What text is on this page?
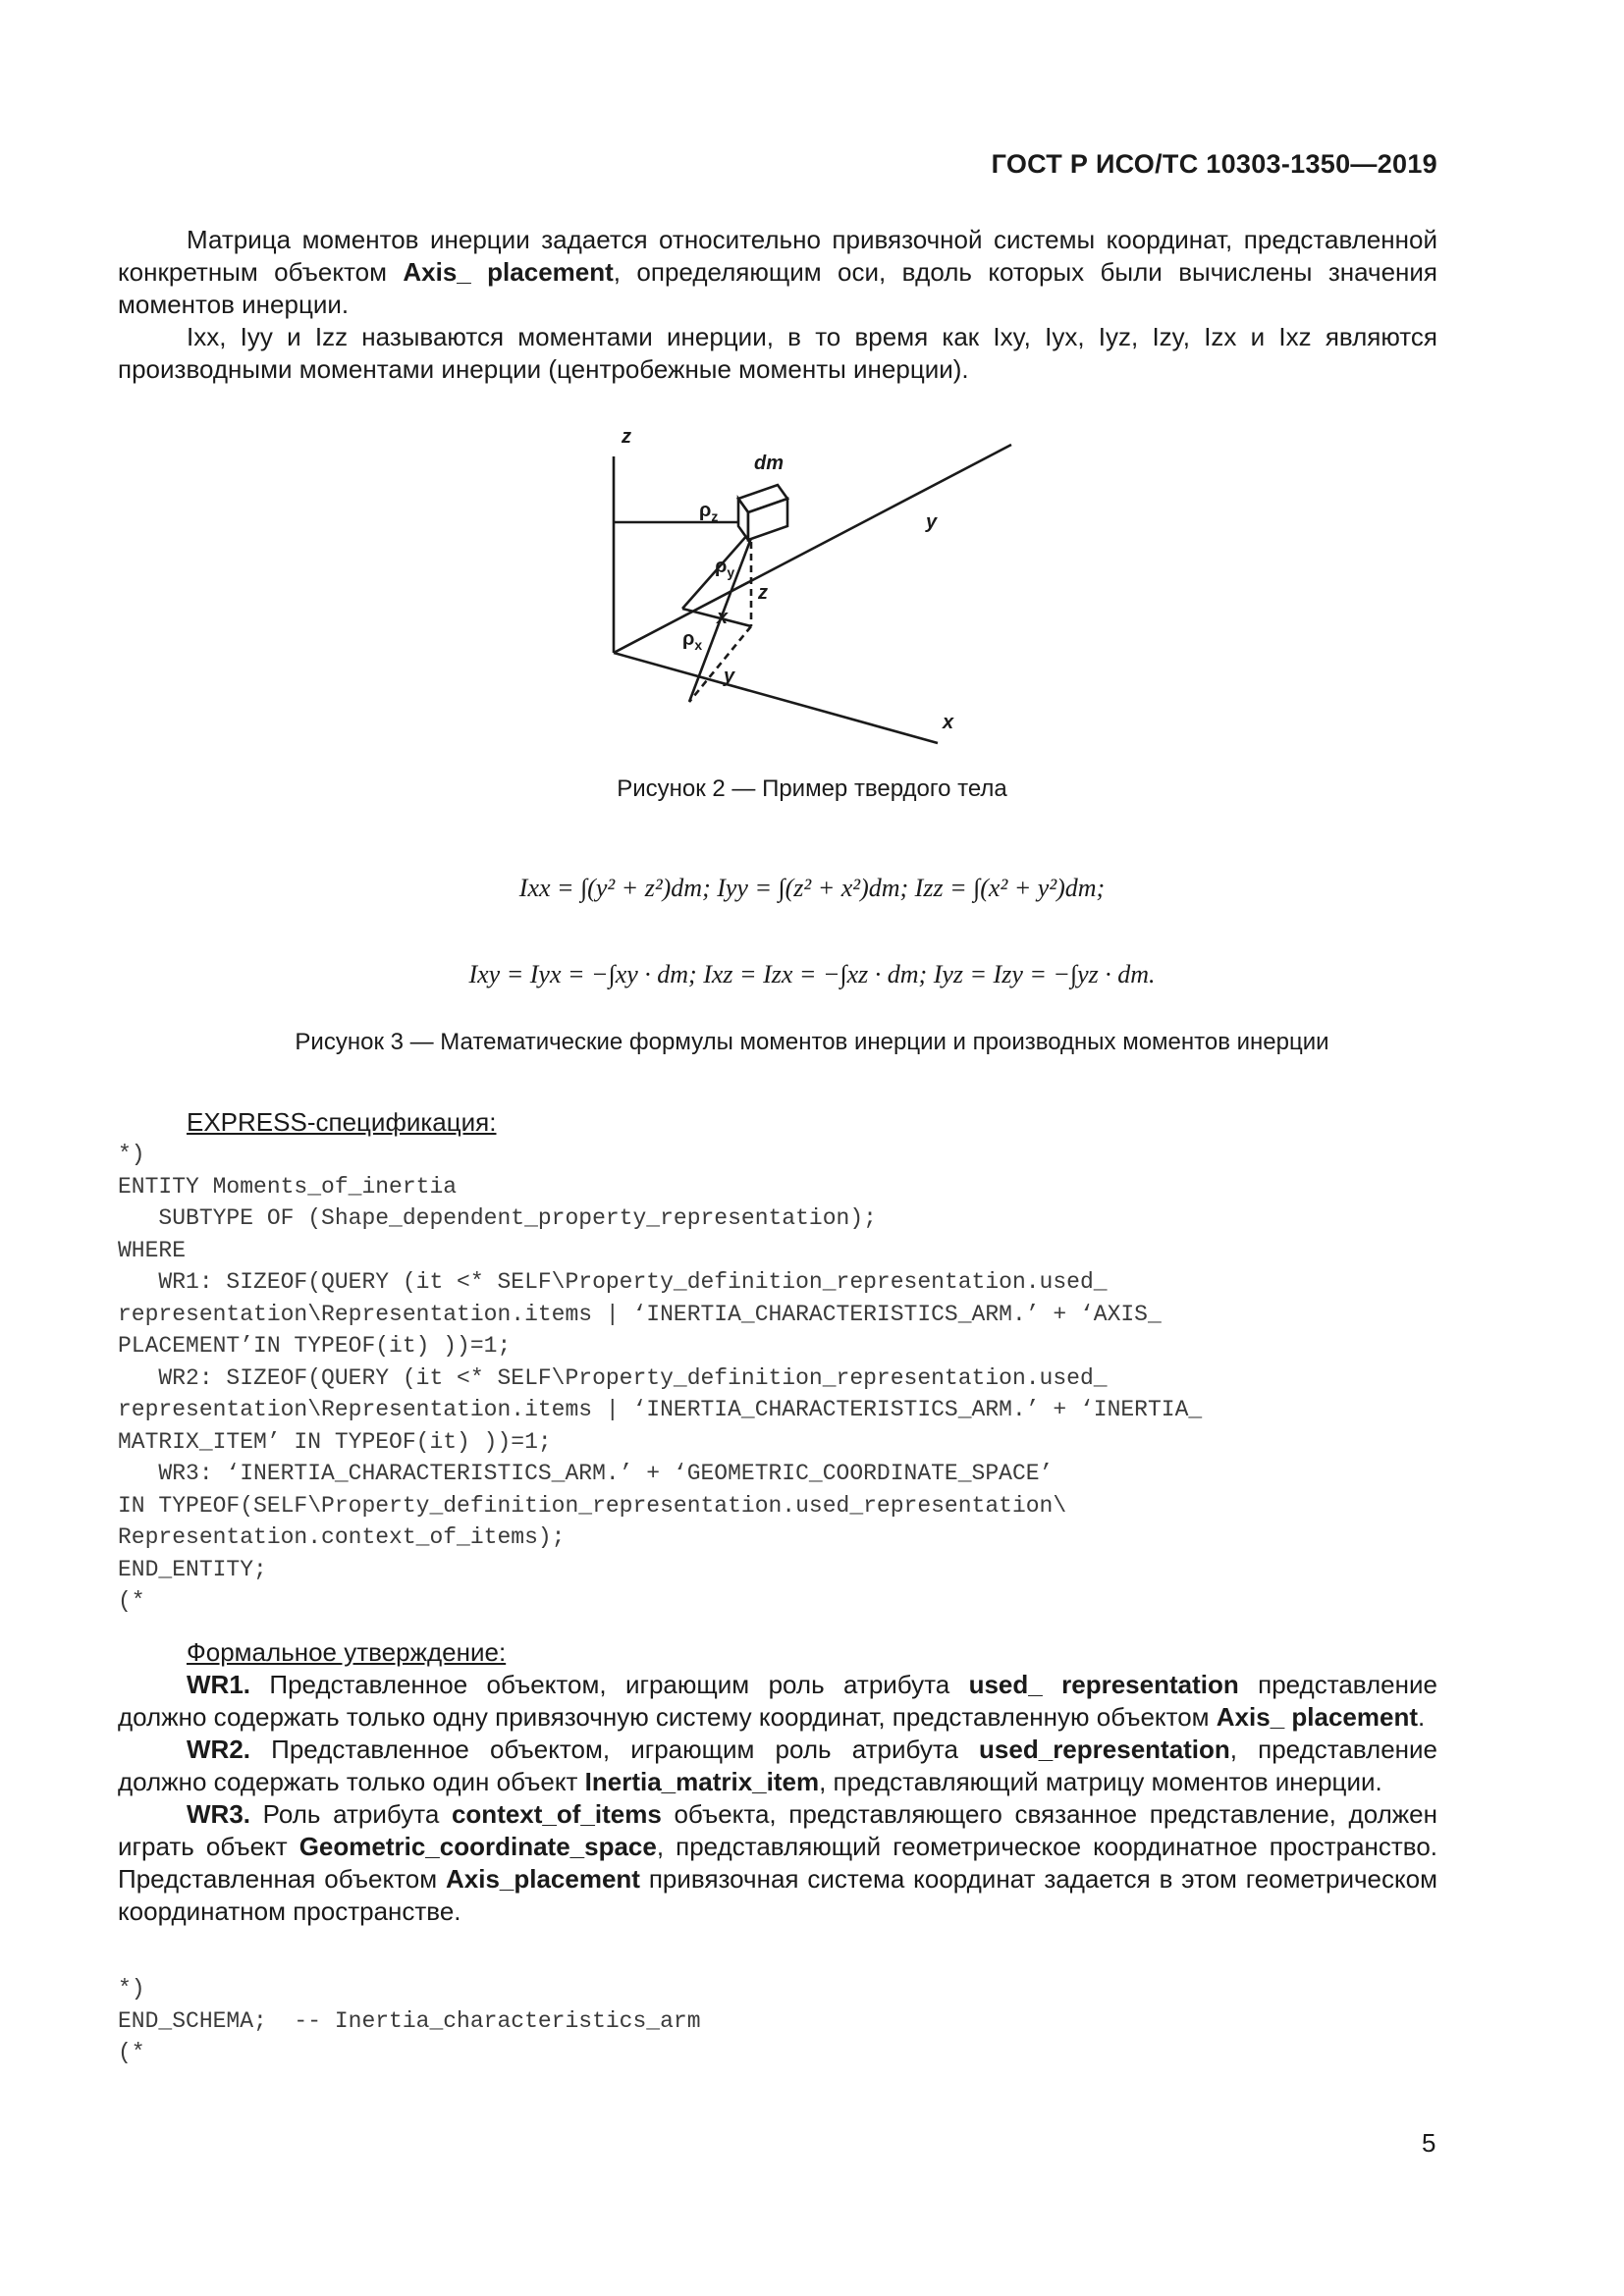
ГОСТ Р ИСО/ТС 10303-1350—2019

Матрица моментов инерции задается относительно привязочной системы координат, представленной конкретным объектом Axis_ placement, определяющим оси, вдоль которых были вычислены значения моментов инерции.

Ixx, Iyy и Izz называются моментами инерции, в то время как Ixy, Iyx, Iyz, Izy, Izx и Ixz являются производными моментами инерции (центробежные моменты инерции).

z
y
x
dm
$\rho_z$
$\rho_y$
$\rho_x$
z
x
y
Рисунок 2 — Пример твердого тела
Ixx = ∫(y² + z²)dm; Iyy = ∫(z² + x²)dm; Izz = ∫(x² + y²)dm;
Ixy = Iyx = −∫xy · dm; Ixz = Izx = −∫xz · dm; Iyz = Izy = −∫yz · dm.
Рисунок 3 — Математические формулы моментов инерции и производных моментов инерции
EXPRESS-спецификация:
*)
ENTITY Moments_of_inertia
SUBTYPE OF (Shape_dependent_property_representation);
WHERE
WR1: SIZEOF(QUERY (it <* SELF\Property_definition_representation.used_
representation\Representation.items | ‘INERTIA_CHARACTERISTICS_ARM.’ + ‘AXIS_
PLACEMENT’IN TYPEOF(it) ))=1;
WR2: SIZEOF(QUERY (it <* SELF\Property_definition_representation.used_
representation\Representation.items | ‘INERTIA_CHARACTERISTICS_ARM.’ + ‘INERTIA_
MATRIX_ITEM’ IN TYPEOF(it) ))=1;
WR3: ‘INERTIA_CHARACTERISTICS_ARM.’ + ‘GEOMETRIC_COORDINATE_SPACE’
IN TYPEOF(SELF\Property_definition_representation.used_representation\
Representation.context_of_items);
END_ENTITY;
(*
Формальное утверждение:

WR1. Представленное объектом, играющим роль атрибута used_ representation представление должно содержать только одну привязочную систему координат, представленную объектом Axis_ placement.

WR2. Представленное объектом, играющим роль атрибута used_representation, представление должно содержать только один объект Inertia_matrix_item, представляющий матрицу моментов инерции.

WR3. Роль атрибута context_of_items объекта, представляющего связанное представление, должен играть объект Geometric_coordinate_space, представляющий геометрическое координатное пространство. Представленная объектом Axis_placement привязочная система координат задается в этом геометрическом координатном пространстве.

*)
END_SCHEMA;  -- Inertia_characteristics_arm
(*
5
